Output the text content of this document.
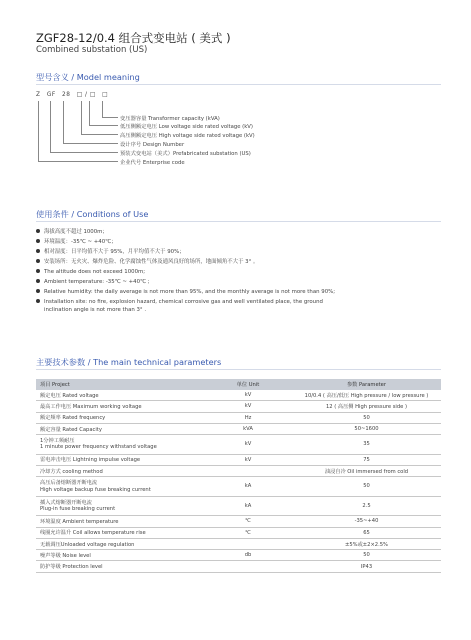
ZGF28-12/0.4 组合式变电站 ( 美式 )
Combined substation (US)
型号含义 / Model meaning
Z GF 28 □ / □ □
变压器容量 Transformer capacity (kVA)
低压侧额定电压 Low voltage side rated voltage (kV)
高压侧额定电压 High voltage side rated voltage (kV)
设计序号 Design Number
预装式变电站（美式）Prefabricated substation (US)
企业代号 Enterprise code
使用条件 / Conditions of Use
海拔高度不超过 1000m；
环境温度：-35℃ ~ +40℃；
相对湿度：日平均值不大于 95%，月平均值不大于 90%；
安装场所：无火灾、爆炸危险、化学腐蚀性气体及通风良好的场所，地面倾角不大于 3° 。
The altitude does not exceed 1000m;
Ambient temperature: -35℃ ~ +40℃ ;
Relative humidity: the daily average is not more than 95%, and the monthly average is not more than 90%;
Installation site: no fire, explosion hazard, chemical corrosive gas and well ventilated place, the ground
inclination angle is not more than 3° .
主要技术参数 / The main technical parameters
项目 Project	单位 Unit	参数 Parameter
额定电压 Rated voltage	kV	10/0.4 ( 高压/低压 High pressure / low pressure )
最高工作电压 Maximum working voltage	kV	12 ( 高压侧 High pressure side )
额定频率 Rated frequency	Hz	50
额定容量 Rated Capacity	kVA	50~1600
1分钟工频耐压
1 minute power frequency withstand voltage	kV	35
雷电冲击电压 Lightning impulse voltage	kV	75
冷却方式 cooling method		油浸自冷 Oil immersed from cold
高压后备熔断器开断电流
High voltage backup fuse breaking current	kA	50
插入式熔断器开断电流
Plug-in fuse breaking current	kA	2.5
环境温度 Ambient temperature	℃	-35~+40
线圈允许温升 Coil allows temperature rise	℃	65
无载调压Unloaded voltage regulation		±5%或±2×2.5%
噪声等级 Noise level	db	50
防护等级 Protection level		IP43
